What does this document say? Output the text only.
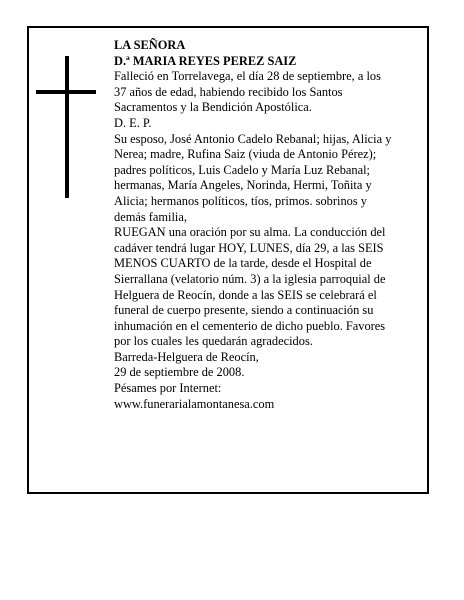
LA SEÑORA
D.ª MARIA REYES PEREZ SAIZ
Falleció en Torrelavega, el día 28 de septiembre, a los
37 años de edad, habiendo recibido los Santos
Sacramentos y la Bendición Apostólica.
D. E. P.
Su esposo, José Antonio Cadelo Rebanal; hijas, Alicia y
Nerea; madre, Rufina Saiz (viuda de Antonio Pérez);
padres políticos, Luis Cadelo y María Luz Rebanal;
hermanas, María Angeles, Norinda, Hermi, Toñita y
Alicia; hermanos políticos, tíos, primos. sobrinos y
demás familia,
RUEGAN una oración por su alma. La conducción del
cadáver tendrá lugar HOY, LUNES, día 29, a las SEIS
MENOS CUARTO de la tarde, desde el Hospital de
Sierrallana (velatorio núm. 3) a la iglesia parroquial de
Helguera de Reocín, donde a las SEIS se celebrará el
funeral de cuerpo presente, siendo a continuación su
inhumación en el cementerio de dicho pueblo. Favores
por los cuales les quedarán agradecidos.
Barreda-Helguera de Reocín,
29 de septiembre de 2008.
Pésames por Internet:
www.funerarialamontanesa.com
